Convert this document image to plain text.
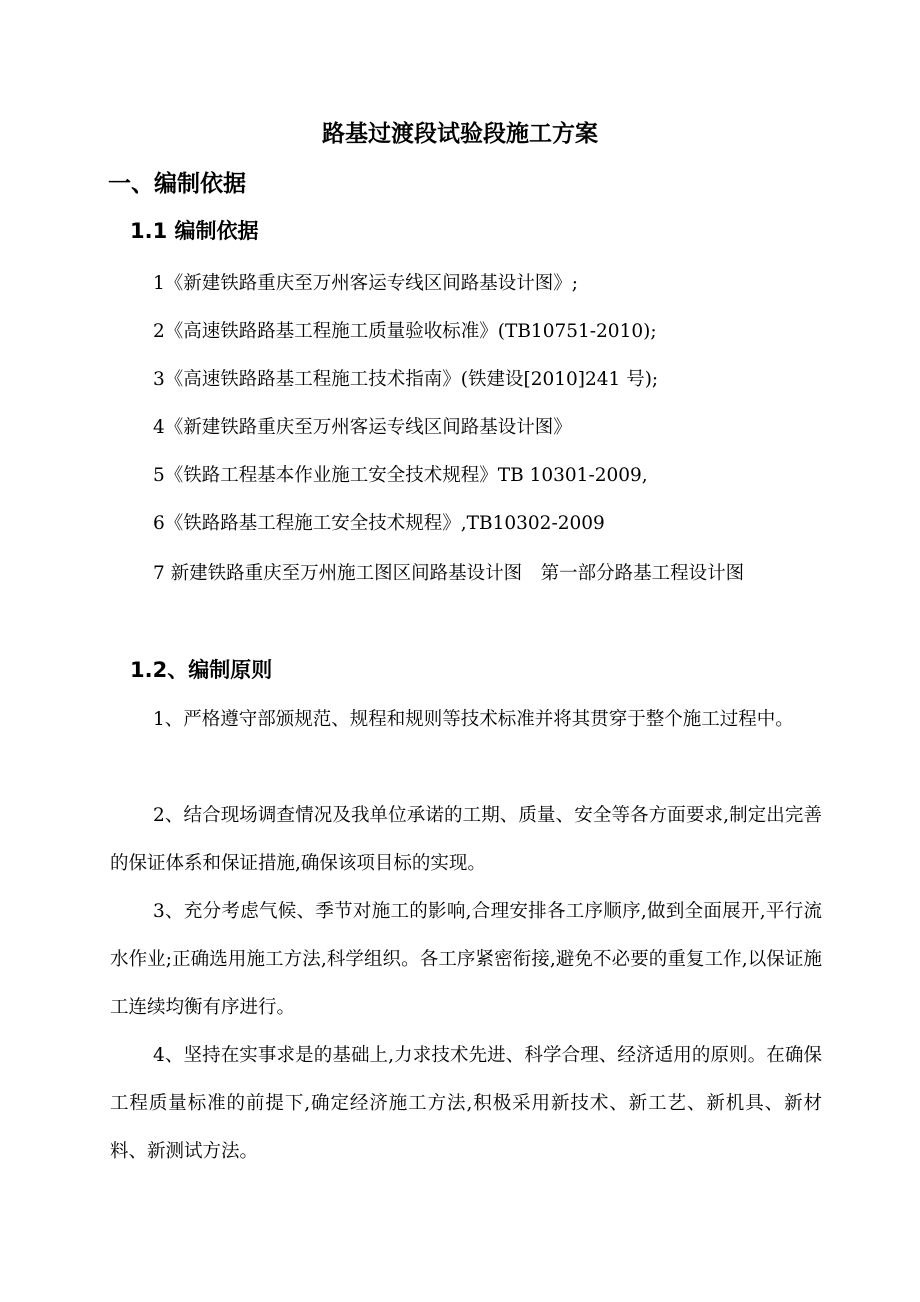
路基过渡段试验段施工方案
一、编制依据
1.1 编制依据
1《新建铁路重庆至万州客运专线区间路基设计图》;
2《高速铁路路基工程施工质量验收标准》(TB10751-2010);
3《高速铁路路基工程施工技术指南》(铁建设[2010]241 号);
4《新建铁路重庆至万州客运专线区间路基设计图》
5《铁路工程基本作业施工安全技术规程》TB 10301-2009,
6《铁路路基工程施工安全技术规程》,TB10302-2009
7 新建铁路重庆至万州施工图区间路基设计图　第一部分路基工程设计图
1.2、编制原则
1、严格遵守部颁规范、规程和规则等技术标准并将其贯穿于整个施工过程中。
2、结合现场调查情况及我单位承诺的工期、质量、安全等各方面要求,制定出完善的保证体系和保证措施,确保该项目标的实现。
3、充分考虑气候、季节对施工的影响,合理安排各工序顺序,做到全面展开,平行流水作业;正确选用施工方法,科学组织。各工序紧密衔接,避免不必要的重复工作,以保证施工连续均衡有序进行。
4、坚持在实事求是的基础上,力求技术先进、科学合理、经济适用的原则。在确保工程质量标准的前提下,确定经济施工方法,积极采用新技术、新工艺、新机具、新材料、新测试方法。
